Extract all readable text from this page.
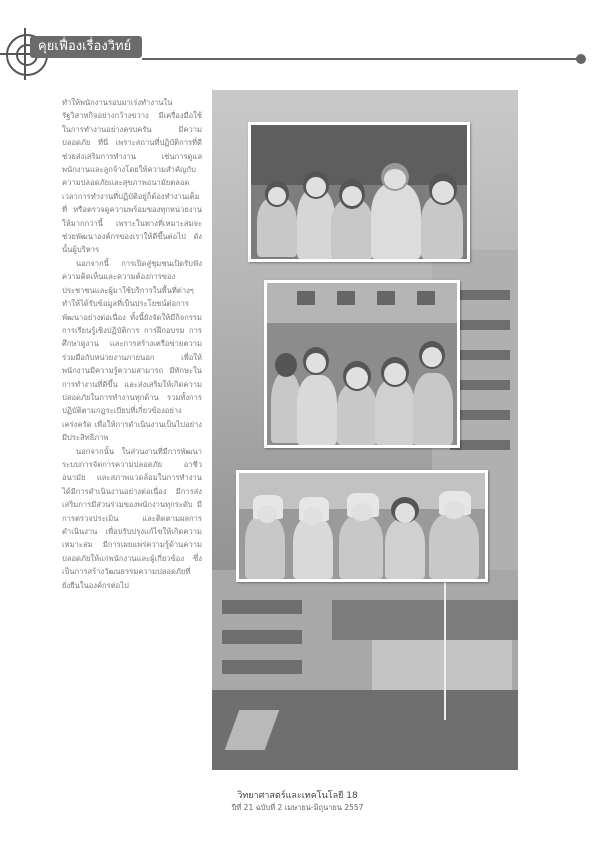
คุยเฟื่องเรื่องวิทย์

ทำให้พนักงานรอบมาเร่งทำงานในรัฐวิสาหกิจอย่างกว้างขวาง มีเครื่องมือใช้ในการทำงานอย่างครบครัน มีความปลอดภัย ที่นี่ เพราะสถานที่ปฏิบัติการที่ดีช่วยส่งเสริมการทำงาน เช่นการดูแลพนักงานและลูกจ้างโดยให้ความสำคัญกับความปลอดภัยและสุขภาพอนามัยตลอดเวลาการทำงานที่ปฏิบัติอยู่ก็ต้องทำงานเต็มที่ หรือตรวจดูความพร้อมของทุกหน่วยงานให้มากกว่านี้ เพราะในทางที่เหมาะสมจะช่วยพัฒนาองค์กรของเราให้ดีขึ้นต่อไป ดังนั้นผู้บริหาร

นอกจากนี้ การเปิดสู่ชุมชนเปิดรับฟังความคิดเห็นและความต้องการของประชาชนและผู้มาใช้บริการในพื้นที่ต่างๆ ทำให้ได้รับข้อมูลที่เป็นประโยชน์ต่อการพัฒนาอย่างต่อเนื่อง ทั้งนี้ยังจัดให้มีกิจกรรมการเรียนรู้เชิงปฏิบัติการ การฝึกอบรม การศึกษาดูงาน และการสร้างเครือข่ายความร่วมมือกับหน่วยงานภายนอก เพื่อให้พนักงานมีความรู้ความสามารถ มีทักษะในการทำงานที่ดีขึ้น และส่งเสริมให้เกิดความปลอดภัยในการทำงานทุกด้าน รวมทั้งการปฏิบัติตามกฎระเบียบที่เกี่ยวข้องอย่างเคร่งครัด เพื่อให้การดำเนินงานเป็นไปอย่างมีประสิทธิภาพ

นอกจากนั้น ในส่วนงานที่มีการพัฒนาระบบการจัดการความปลอดภัย อาชีวอนามัย และสภาพแวดล้อมในการทำงาน ได้มีการดำเนินงานอย่างต่อเนื่อง มีการส่งเสริมการมีส่วนร่วมของพนักงานทุกระดับ มีการตรวจประเมิน และติดตามผลการดำเนินงาน เพื่อปรับปรุงแก้ไขให้เกิดความเหมาะสม มีการเผยแพร่ความรู้ด้านความปลอดภัยให้แก่พนักงานและผู้เกี่ยวข้อง ซึ่งเป็นการสร้างวัฒนธรรมความปลอดภัยที่ยั่งยืนในองค์กรต่อไป

วิทยาศาสตร์และเทคโนโลยี 18
ปีที่ 21 ฉบับที่ 2 เมษายน-มิถุนายน 2557
